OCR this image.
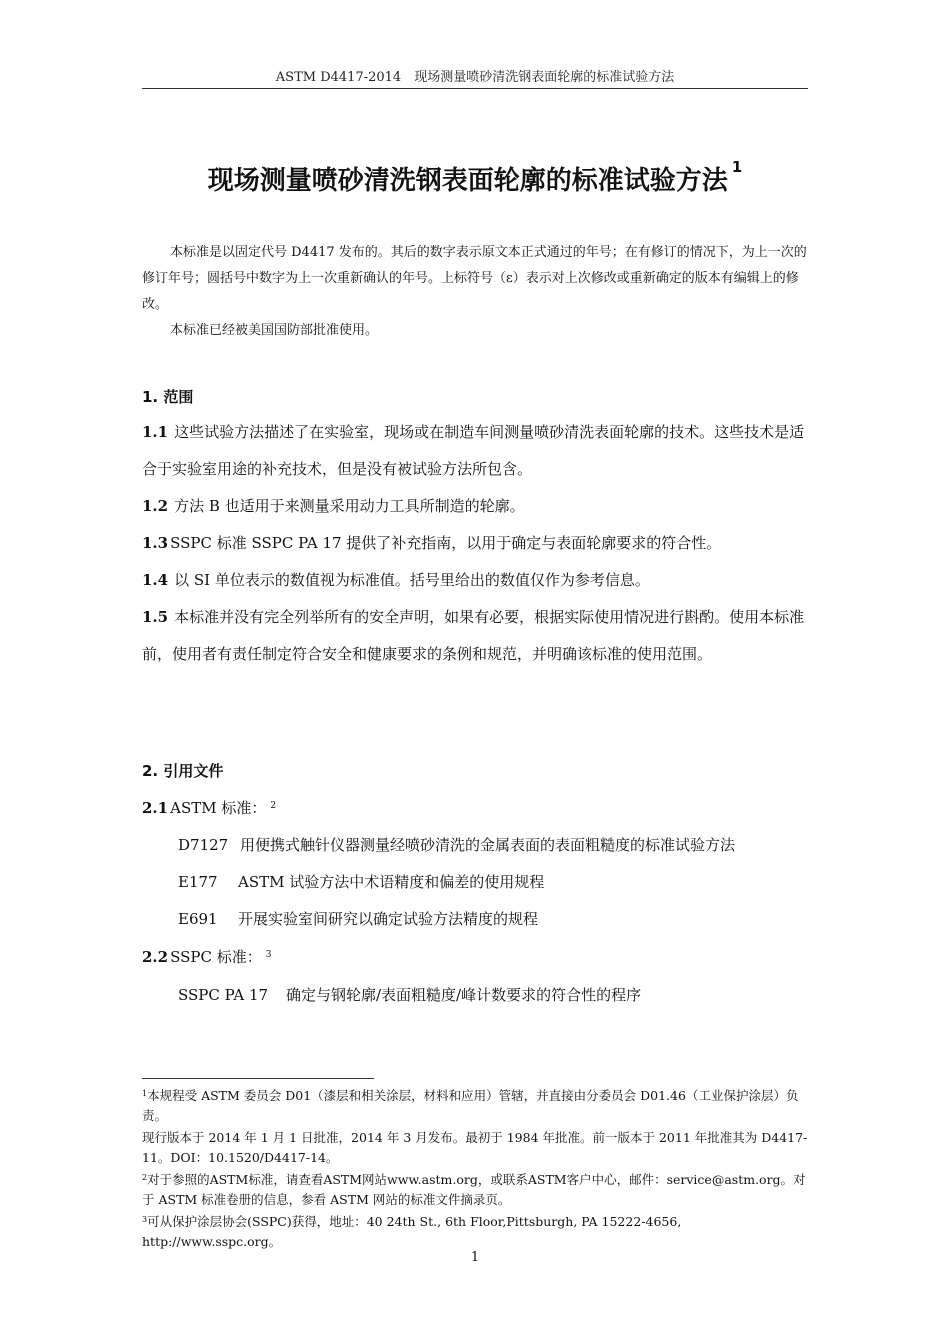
ASTM D4417-2014　现场测量喷砂清洗钢表面轮廓的标准试验方法
现场测量喷砂清洗钢表面轮廓的标准试验方法 $^1$

本标准是以固定代号 D4417 发布的。其后的数字表示原文本正式通过的年号；在有修订的情况下，为上一次的修订年号；圆括号中数字为上一次重新确认的年号。上标符号（ε）表示对上次修改或重新确定的版本有编辑上的修改。

本标准已经被美国国防部批准使用。

1. 范围

1.1 这些试验方法描述了在实验室，现场或在制造车间测量喷砂清洗表面轮廓的技术。这些技术是适合于实验室用途的补充技术，但是没有被试验方法所包含。

1.2 方法 B 也适用于来测量采用动力工具所制造的轮廓。

1.3 SSPC 标准 SSPC PA 17 提供了补充指南，以用于确定与表面轮廓要求的符合性。

1.4 以 SI 单位表示的数值视为标准值。括号里给出的数值仅作为参考信息。

1.5 本标准并没有完全列举所有的安全声明，如果有必要，根据实际使用情况进行斟酌。使用本标准前，使用者有责任制定符合安全和健康要求的条例和规范，并明确该标准的使用范围。

2. 引用文件

2.1 ASTM 标准： $^2$

D7127 用便携式触针仪器测量经喷砂清洗的金属表面的表面粗糙度的标准试验方法
E177 ASTM 试验方法中术语精度和偏差的使用规程
E691 开展实验室间研究以确定试验方法精度的规程

2.2 SSPC 标准： $^3$

SSPC PA 17 确定与钢轮廓/表面粗糙度/峰计数要求的符合性的程序

$^1$本规程受 ASTM 委员会 D01（漆层和相关涂层，材料和应用）管辖，并直接由分委员会 D01.46（工业保护涂层）负责。

现行版本于 2014 年 1 月 1 日批准，2014 年 3 月发布。最初于 1984 年批准。前一版本于 2011 年批准其为 D4417-11。DOI：10.1520/D4417-14。

$^2$对于参照的ASTM标准，请查看ASTM网站www.astm.org，或联系ASTM客户中心，邮件：service@astm.org。对于 ASTM 标准卷册的信息，参看 ASTM 网站的标准文件摘录页。

$^3$可从保护涂层协会(SSPC)获得，地址：40 24th St., 6th Floor,Pittsburgh, PA 15222-4656, http://www.sspc.org。

1
